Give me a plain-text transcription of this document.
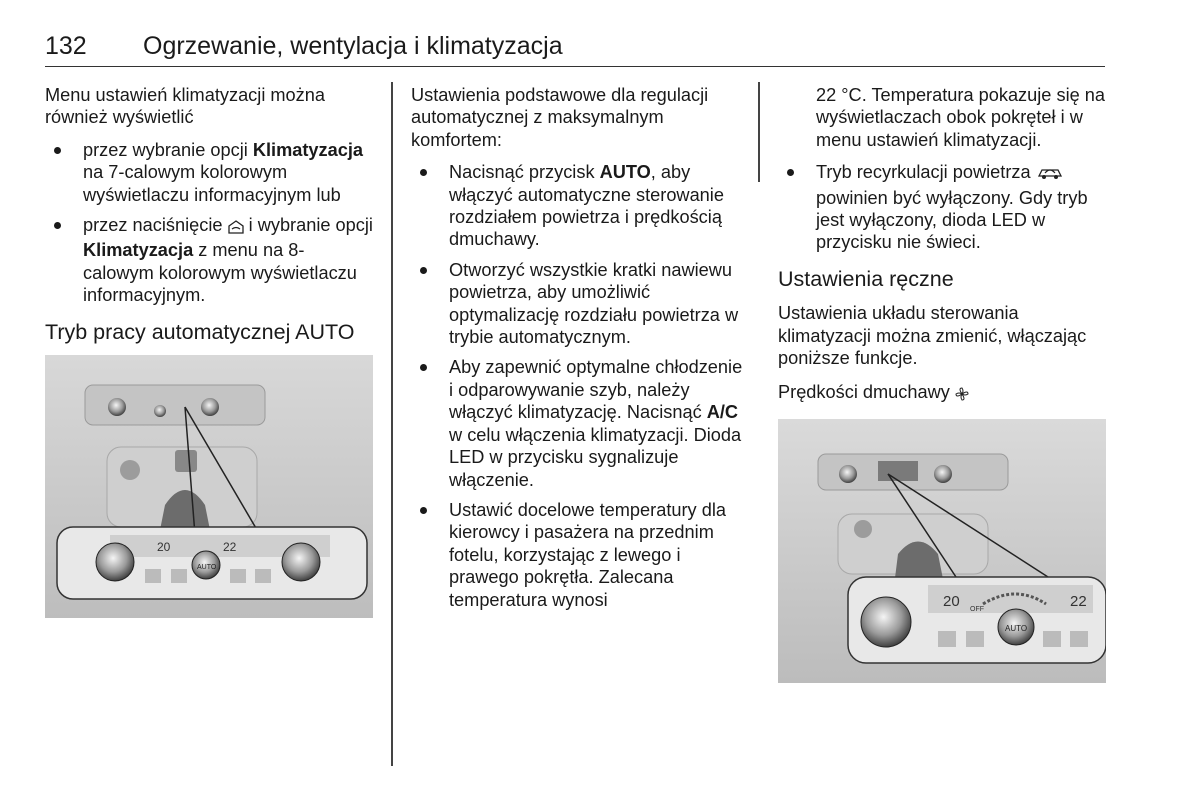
132 Ogrzewanie, wentylacja i klimatyzacja

Menu ustawień klimatyzacji można również wyświetlić

przez wybranie opcji Klimatyzacja na 7-calowym kolorowym wyświetlaczu informacyjnym lub
przez naciśnięcie  i wybranie opcji Klimatyzacja z menu na 8-calowym kolorowym wyświetlaczu informacyjnym.
Tryb pracy automatycznej AUTO
20	22
AUTO

Ustawienia podstawowe dla regulacji automatycznej z maksymalnym komfortem:

Nacisnąć przycisk AUTO, aby włączyć automatyczne sterowanie rozdziałem powietrza i prędkością dmuchawy.
Otworzyć wszystkie kratki nawiewu powietrza, aby umożliwić optymalizację rozdziału powietrza w trybie automatycznym.
Aby zapewnić optymalne chłodzenie i odparowywanie szyb, należy włączyć klimatyzację. Nacisnąć A/C w celu włączenia klimatyzacji. Dioda LED w przycisku sygnalizuje włączenie.
Ustawić docelowe temperatury dla kierowcy i pasażera na przednim fotelu, korzystając z lewego i prawego pokrętła. Zalecana temperatura wynosi

22 °C. Temperatura pokazuje się na wyświetlaczach obok pokręteł i w menu ustawień klimatyzacji.

Tryb recyrkulacji powietrza  powinien być wyłączony. Gdy tryb jest wyłączony, dioda LED w przycisku nie świeci.
Ustawienia ręczne

Ustawienia układu sterowania klimatyzacji można zmienić, włączając poniższe funkcje.

Prędkości dmuchawy
20	22
OFF
AUTO
